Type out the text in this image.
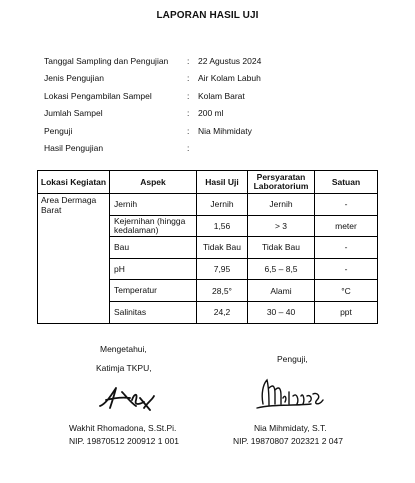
LAPORAN HASIL UJI
Tanggal Sampling dan Pengujian	:	22 Agustus 2024
Jenis Pengujian	:	Air Kolam Labuh
Lokasi Pengambilan Sampel	:	Kolam Barat
Jumlah Sampel	:	200 ml
Penguji	:	Nia Mihmidaty
Hasil Pengujian	:
Lokasi Kegiatan	Aspek	Hasil Uji	Persyaratan Laboratorium	Satuan
Area Dermaga Barat	Jernih	Jernih	Jernih	-
	Kejernihan (hingga kedalaman)	1,56	> 3	meter
	Bau	Tidak Bau	Tidak Bau	-
	pH	7,95	6,5 – 8,5	-
	Temperatur	28,5°	Alami	°C
	Salinitas	24,2	30 – 40	ppt
Mengetahui,
Katimja TKPU,
Wakhit Rhomadona, S.St.Pi.
NIP. 19870512 200912 1 001
Penguji,
Nia Mihmidaty, S.T.
NIP. 19870807 202321 2 047
